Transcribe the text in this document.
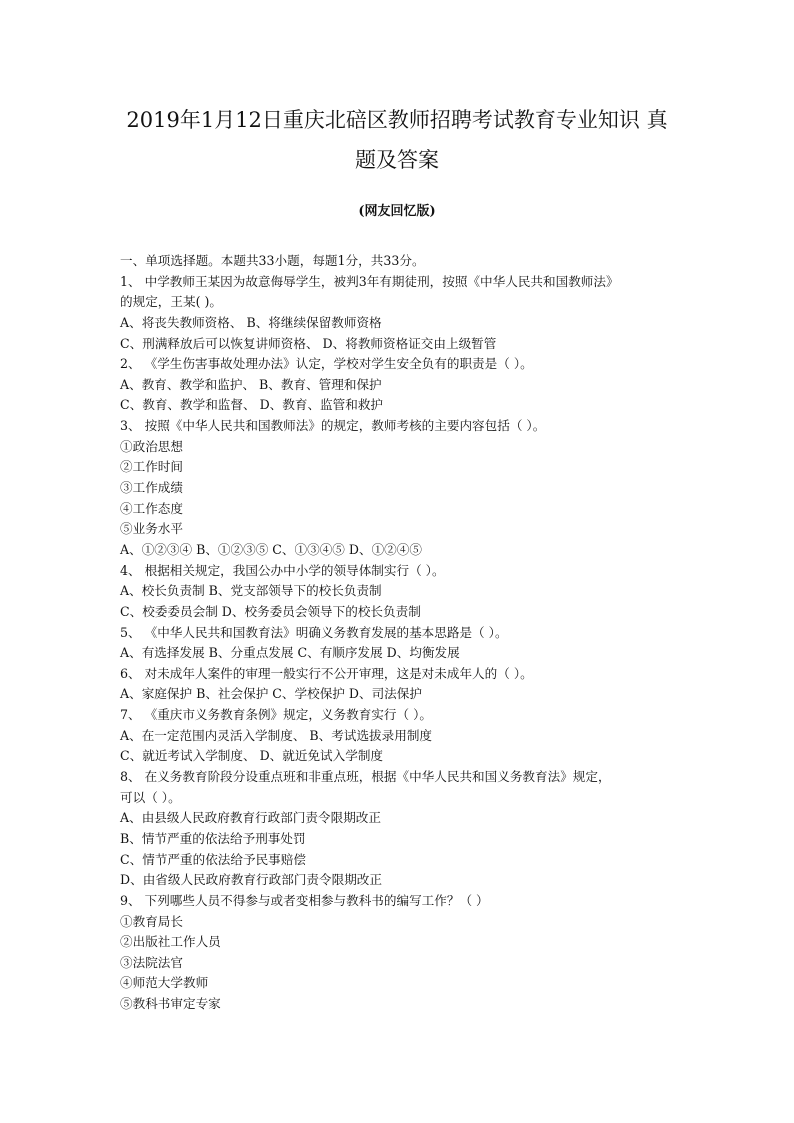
2019年1月12日重庆北碚区教师招聘考试教育专业知识 真
题及答案
(网友回忆版)
一、单项选择题。本题共33小题，每题1分，共33分。
1、 中学教师王某因为故意侮辱学生，被判3年有期徒刑，按照《中华人民共和国教师法》
的规定，王某( )。
A、将丧失教师资格、 B、将继续保留教师资格
C、刑满释放后可以恢复讲师资格、 D、将教师资格证交由上级暂管
2、 《学生伤害事故处理办法》认定，学校对学生安全负有的职责是（ ）。
A、教育、教学和监护、 B、教育、管理和保护
C、教育、教学和监督、 D、教育、监管和救护
3、 按照《中华人民共和国教师法》的规定，教师考核的主要内容包括（ ）。
①政治思想
②工作时间
③工作成绩
④工作态度
⑤业务水平
A、①②③④ B、①②③⑤ C、①③④⑤ D、①②④⑤
4、 根据相关规定，我国公办中小学的领导体制实行（ ）。
A、校长负责制 B、党支部领导下的校长负责制
C、校委委员会制 D、校务委员会领导下的校长负责制
5、 《中华人民共和国教育法》明确义务教育发展的基本思路是（ ）。
A、有选择发展 B、分重点发展 C、有顺序发展 D、均衡发展
6、 对未成年人案件的审理一般实行不公开审理，这是对未成年人的（ ）。
A、家庭保护 B、社会保护 C、学校保护 D、司法保护
7、 《重庆市义务教育条例》规定，义务教育实行（ ）。
A、在一定范围内灵活入学制度、 B、考试选拔录用制度
C、就近考试入学制度、 D、就近免试入学制度
8、 在义务教育阶段分设重点班和非重点班，根据《中华人民共和国义务教育法》规定，
可以（ ）。
A、由县级人民政府教育行政部门责令限期改正
B、情节严重的依法给予刑事处罚
C、情节严重的依法给予民事赔偿
D、由省级人民政府教育行政部门责令限期改正
9、 下列哪些人员不得参与或者变相参与教科书的编写工作？（ ）
①教育局长
②出版社工作人员
③法院法官
④师范大学教师
⑤教科书审定专家
